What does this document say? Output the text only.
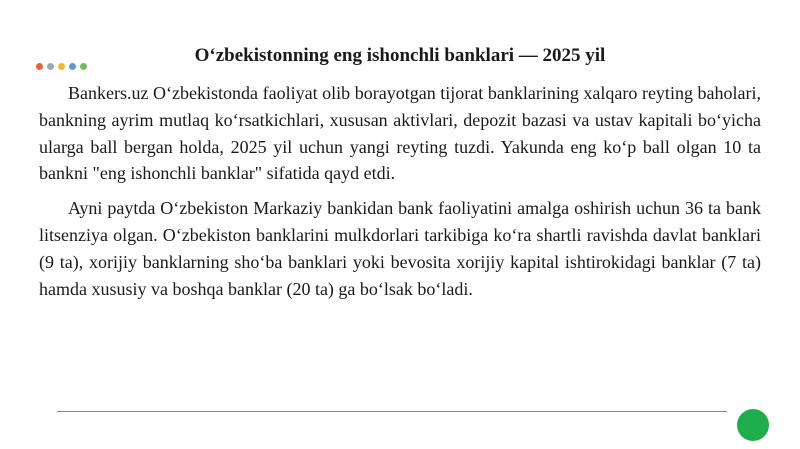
O‘zbekistonning eng ishonchli banklari — 2025 yil

Bankers.uz O‘zbekistonda faoliyat olib borayotgan tijorat banklarining xalqaro reyting baholari, bankning ayrim mutlaq ko‘rsatkichlari, xususan aktivlari, depozit bazasi va ustav kapitali bo‘yicha ularga ball bergan holda, 2025 yil uchun yangi reyting tuzdi. Yakunda eng ko‘p ball olgan 10 ta bankni "eng ishonchli banklar" sifatida qayd etdi.

Ayni paytda O‘zbekiston Markaziy bankidan bank faoliyatini amalga oshirish uchun 36 ta bank litsenziya olgan. O‘zbekiston banklarini mulkdorlari tarkibiga ko‘ra shartli ravishda davlat banklari (9 ta), xorijiy banklarning sho‘ba banklari yoki bevosita xorijiy kapital ishtirokidagi banklar (7 ta) hamda xususiy va boshqa banklar (20 ta) ga bo‘lsak bo‘ladi.
